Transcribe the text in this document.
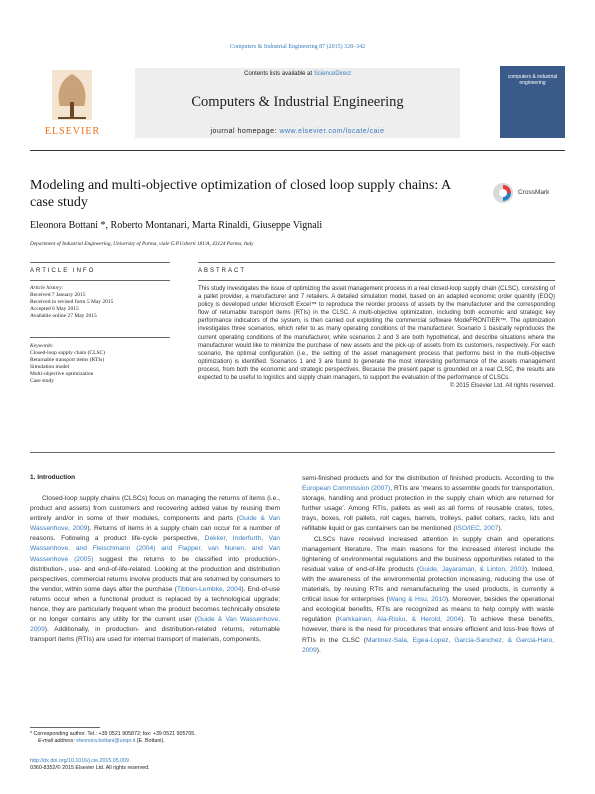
Computers & Industrial Engineering 87 (2015) 328–342
ELSEVIER
Contents lists available at ScienceDirect
Computers & Industrial Engineering
journal homepage: www.elsevier.com/locate/caie
computers & industrial engineering
Modeling and multi-objective optimization of closed loop supply chains: A case study
CrossMark
Eleonora Bottani *, Roberto Montanari, Marta Rinaldi, Giuseppe Vignali
Department of Industrial Engineering, University of Parma, viale G.P.Usberti 181/A, 43124 Parma, Italy
ARTICLE INFO	ABSTRACT
Article history:
Received 7 January 2015
Received in revised form 5 May 2015
Accepted 6 May 2015
Available online 27 May 2015
Keywords:
Closed-loop supply chain (CLSC)
Returnable transport items (RTIs)
Simulation model
Multi-objective optimization
Case study
This study investigates the issue of optimizing the asset management process in a real closed-loop supply chain (CLSC), consisting of a pallet provider, a manufacturer and 7 retailers. A detailed simulation model, based on an adapted economic order quantity (EOQ) policy is developed under Microsoft Excel™ to reproduce the reorder process of assets by the manufacturer and the corresponding flow of returnable transport items (RTIs) in the CLSC. A multi-objective optimization, including both economic and strategic key performance indicators of the system, is then carried out exploiting the commercial software ModeFRONTIER™. The optimization investigates three scenarios, which refer to as many operating conditions of the manufacturer. Scenario 1 basically reproduces the current operating conditions of the manufacturer, while scenarios 2 and 3 are both hypothetical, and describe situations where the manufacturer would like to minimize the purchase of new assets and the pick-up of assets from its customers, respectively. For each scenario, the optimal configuration (i.e., the setting of the asset management process that performs best in the multi-objective optimization) is identified. Scenarios 1 and 3 are found to generate the most interesting performance of the assets management process, from both the economic and strategic perspectives. Because the present paper is grounded on a real CLSC, the results are expected to be useful to logistics and supply chain managers, to support the evaluation of the performance of CLSCs.
© 2015 Elsevier Ltd. All rights reserved.
1. Introduction

Closed-loop supply chains (CLSCs) focus on managing the returns of items (i.e., product and assets) from customers and recovering added value by reusing them entirely and/or in some of their modules, components and parts (Guide & Van Wassenhove, 2009). Returns of items in a supply chain can occur for a number of reasons. Following a product life-cycle perspective, Dekker, Inderfurth, Van Wassenhove, and Fleischmann (2004) and Flapper, van Nunen, and Van Wassenhove (2005) suggest the returns to be classified into production-, distribution-, use- and end-of-life-related. Looking at the production and distribution perspectives, commercial returns involve products that are returned by consumers to the vendor, within some days after the purchase (Tibben-Lembke, 2004). End-of-use returns occur when a functional product is replaced by a technological upgrade; hence, they are particularly frequent when the product becomes technically obsolete or no longer contains any utility for the current user (Guide & Van Wassenhove, 2009). Additionally, in production- and distribution-related returns, returnable transport items (RTIs) are used for internal transport of materials, components,

semi-finished products and for the distribution of finished products. According to the European Commission (2007), RTIs are 'means to assemble goods for transportation, storage, handling and product protection in the supply chain which are returned for further usage'. Among RTIs, pallets as well as all forms of reusable crates, totes, trays, boxes, roll pallets, roll cages, barrels, trolleys, pallet collars, racks, lids and refillable liquid or gas containers can be mentioned (ISO/IEC, 2007).

CLSCs have received increased attention in supply chain and operations management literature. The main reasons for the increased interest include the tightening of environmental regulations and the business opportunities related to the residual value of end-of-life products (Guide, Jayaraman, & Linton, 2003). Indeed, with the awareness of the environmental protection increasing, reducing the use of materials, by reusing RTIs and remanufacturing the used products, is currently a critical issue for enterprises (Wang & Hsu, 2010). Moreover, besides the operational and ecological benefits, RTIs are recognized as means to help comply with waste regulation (Karkkainen, Ala-Risku, & Herold, 2004). To achieve these benefits, however, there is the need for procedures that ensure efficient and loss-free flows of RTIs in the CLSC (Martinez-Sala, Egea-Lopez, Garcia-Sanchez, & Garcia-Haro, 2009).

* Corresponding author. Tel.: +39 0521 905872; fax: +39 0521 905705.
E-mail address: eleonora.bottani@unipr.it (E. Bottani).
http://dx.doi.org/10.1016/j.cie.2015.05.009
0360-8352/© 2015 Elsevier Ltd. All rights reserved.
